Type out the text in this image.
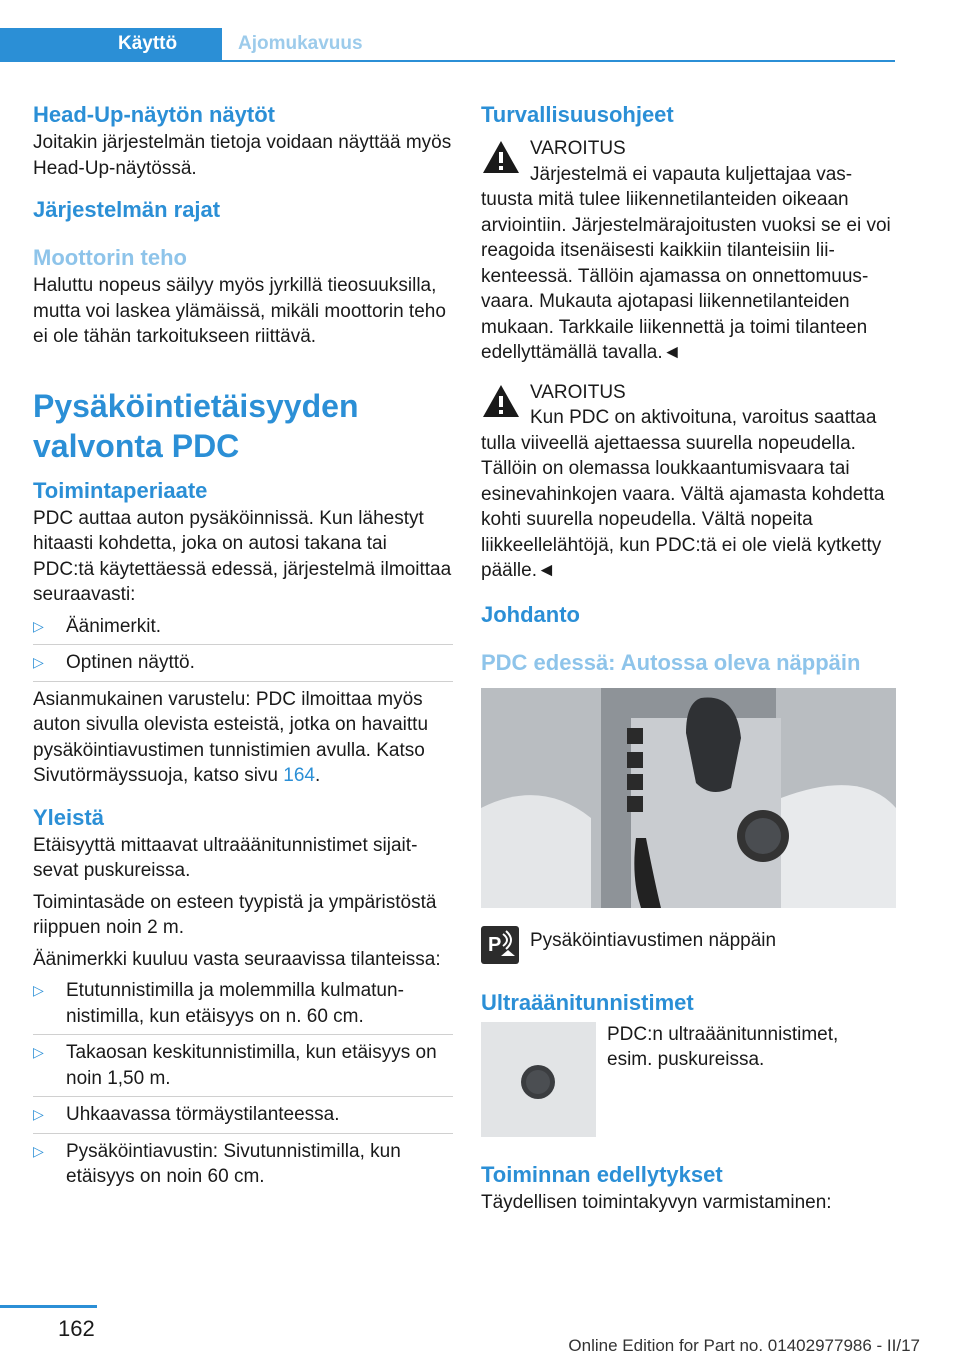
Käyttö	Ajomukavuus
Head-Up-näytön näytöt

Joitakin järjestelmän tietoja voidaan näyttää myös Head-Up-näytössä.

Järjestelmän rajat
Moottorin teho

Haluttu nopeus säilyy myös jyrkillä tieosuuksilla, mutta voi laskea ylämäissä, mikäli moottorin teho ei ole tähän tarkoitukseen riittävä.

Pysäköintietäisyyden valvonta PDC
Toimintaperiaate

PDC auttaa auton pysäköinnissä. Kun lähestyt hitaasti kohdetta, joka on autosi takana tai PDC:tä käytettäessä edessä, järjestelmä ilmoittaa seuraavasti:

▷ Äänimerkit.
▷ Optinen näyttö.

Asianmukainen varustelu: PDC ilmoittaa myös auton sivulla olevista esteistä, jotka on havaittu pysäköintiavustimen tunnistimien avulla. Katso Sivutörmäyssuoja, katso sivu 164.

Yleistä

Etäisyyttä mittaavat ultraäänitunnistimet sijaitsevat puskureissa.

Toimintasäde on esteen tyypistä ja ympäristöstä riippuen noin 2 m.

Äänimerkki kuuluu vasta seuraavissa tilanteissa:

▷ Etutunnistimilla ja molemmilla kulmatunnistimilla, kun etäisyys on n. 60 cm.
▷ Takaosan keskitunnistimilla, kun etäisyys on noin 1,50 m.
▷ Uhkaavassa törmäystilanteessa.
▷ Pysäköintiavustin: Sivutunnistimilla, kun etäisyys on noin 60 cm.
Turvallisuusohjeet

VAROITUS

Järjestelmä ei vapauta kuljettajaa vastuusta mitä tulee liikennetilanteiden oikeaan arviointiin. Järjestelmärajoitusten vuoksi se ei voi reagoida itsenäisesti kaikkiin tilanteisiin liikenteessä. Tällöin ajamassa on onnettomuusvaara. Mukauta ajotapasi liikennetilanteiden mukaan. Tarkkaile liikennettä ja toimi tilanteen edellyttämällä tavalla.◄

VAROITUS

Kun PDC on aktivoituna, varoitus saattaa tulla viiveellä ajettaessa suurella nopeudella. Tällöin on olemassa loukkaantumisvaara tai esinevahinkojen vaara. Vältä ajamasta kohdetta kohti suurella nopeudella. Vältä nopeita liikkeellelähtöjä, kun PDC:tä ei ole vielä kytketty päälle.◄

Johdanto
PDC edessä: Autossa oleva näppäin
P Pysäköintiavustimen näppäin

Ultraäänitunnistimet

PDC:n ultraäänitunnistimet, esim. puskureissa.

Toiminnan edellytykset

Täydellisen toimintakyvyn varmistaminen:

162
Online Edition for Part no. 01402977986 - II/17
